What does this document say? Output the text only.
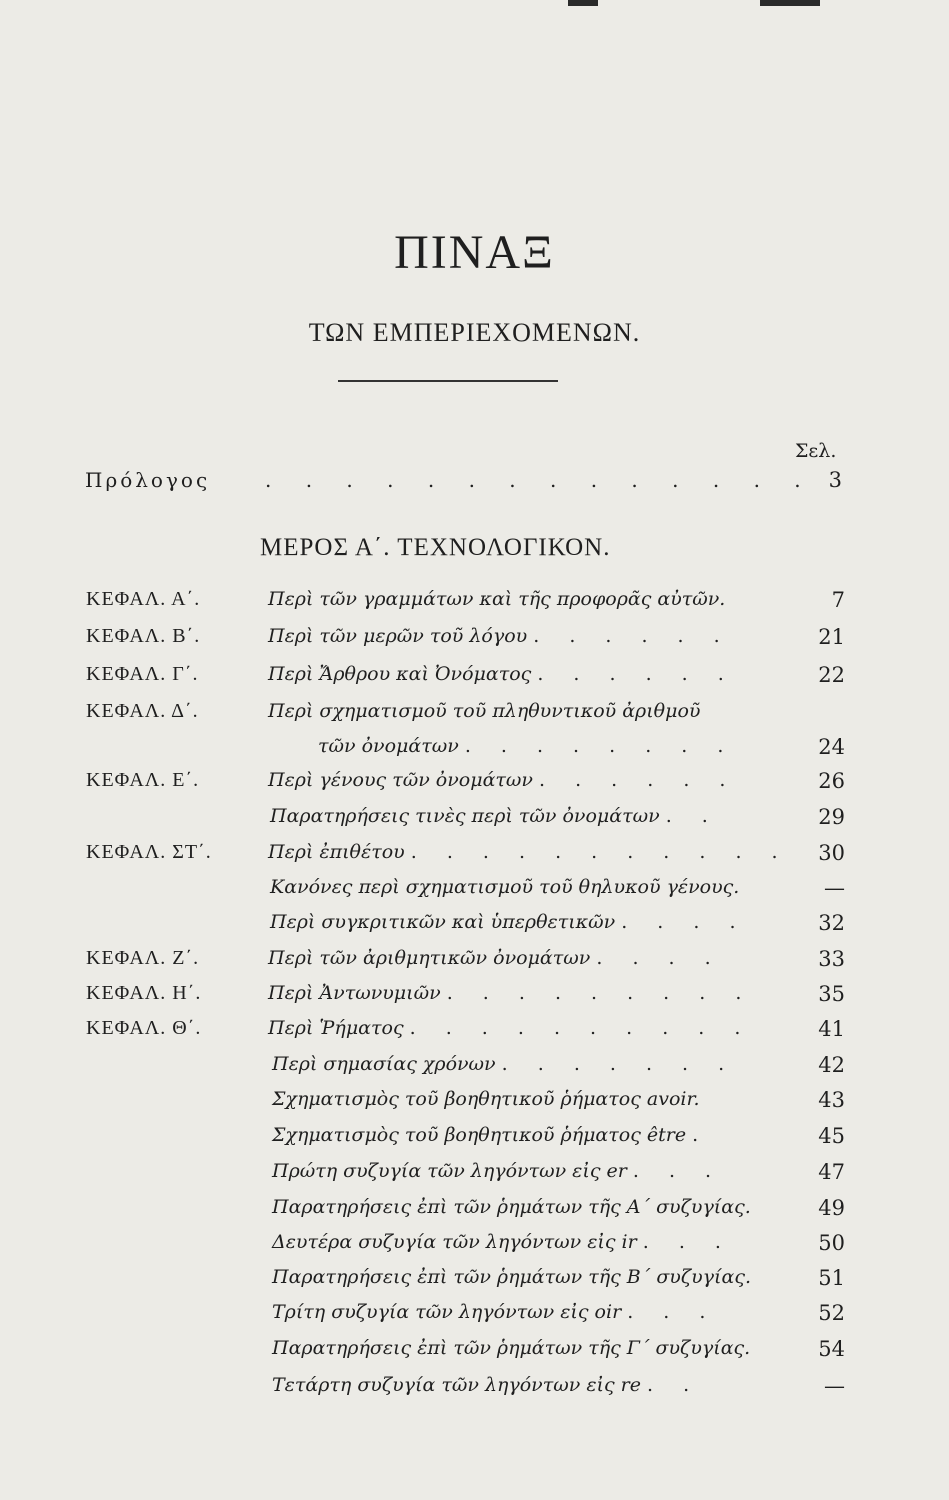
ΠΙΝΑΞ
ΤΩΝ ΕΜΠΕΡΙΕΧΟΜΕΝΩΝ.
Σελ.
Πρόλογος	. . . . . . . . . . . . . . 3
ΜΕΡΟΣ Α΄. ΤΕΧΝΟΛΟΓΙΚΟΝ.
ΚΕΦΑΛ. Α΄.	Περὶ τῶν γραμμάτων καὶ τῆς προφορᾶς αὐτῶν.	7
ΚΕΦΑΛ. Β΄.	Περὶ τῶν μερῶν τοῦ λόγου . . . . . .	21
ΚΕΦΑΛ. Γ΄.	Περὶ Ἄρθρου καὶ Ὀνόματος . . . . . .	22
ΚΕΦΑΛ. Δ΄.	Περὶ σχηματισμοῦ τοῦ πληθυντικοῦ ἀριθμοῦ
τῶν ὀνομάτων . . . . . . . .	24
ΚΕΦΑΛ. Ε΄.	Περὶ γένους τῶν ὀνομάτων . . . . . .	26
Παρατηρήσεις τινὲς περὶ τῶν ὀνομάτων . .	29
ΚΕΦΑΛ. ΣΤ΄.	Περὶ ἐπιθέτου . . . . . . . . . . . 30
Κανόνες περὶ σχηματισμοῦ τοῦ θηλυκοῦ γένους.	—
Περὶ συγκριτικῶν καὶ ὑπερθετικῶν . . . .	32
ΚΕΦΑΛ. Ζ΄.	Περὶ τῶν ἀριθμητικῶν ὀνομάτων . . . .	33
ΚΕΦΑΛ. Η΄.	Περὶ Ἀντωνυμιῶν . . . . . . . . .	35
ΚΕΦΑΛ. Θ΄.	Περὶ Ῥήματος . . . . . . . . . .	41
Περὶ σημασίας χρόνων . . . . . . .	42
Σχηματισμὸς τοῦ βοηθητικοῦ ῥήματος avoir.	43
Σχηματισμὸς τοῦ βοηθητικοῦ ῥήματος être .	45
Πρώτη συζυγία τῶν ληγόντων εἰς er . . .	47
Παρατηρήσεις ἐπὶ τῶν ῥημάτων τῆς Α΄ συζυγίας.	49
Δευτέρα συζυγία τῶν ληγόντων εἰς ir . . .	50
Παρατηρήσεις ἐπὶ τῶν ῥημάτων τῆς Β΄ συζυγίας.	51
Τρίτη συζυγία τῶν ληγόντων εἰς oir . . .	52
Παρατηρήσεις ἐπὶ τῶν ῥημάτων τῆς Γ΄ συζυγίας.	54
Τετάρτη συζυγία τῶν ληγόντων εἰς re . .	—
